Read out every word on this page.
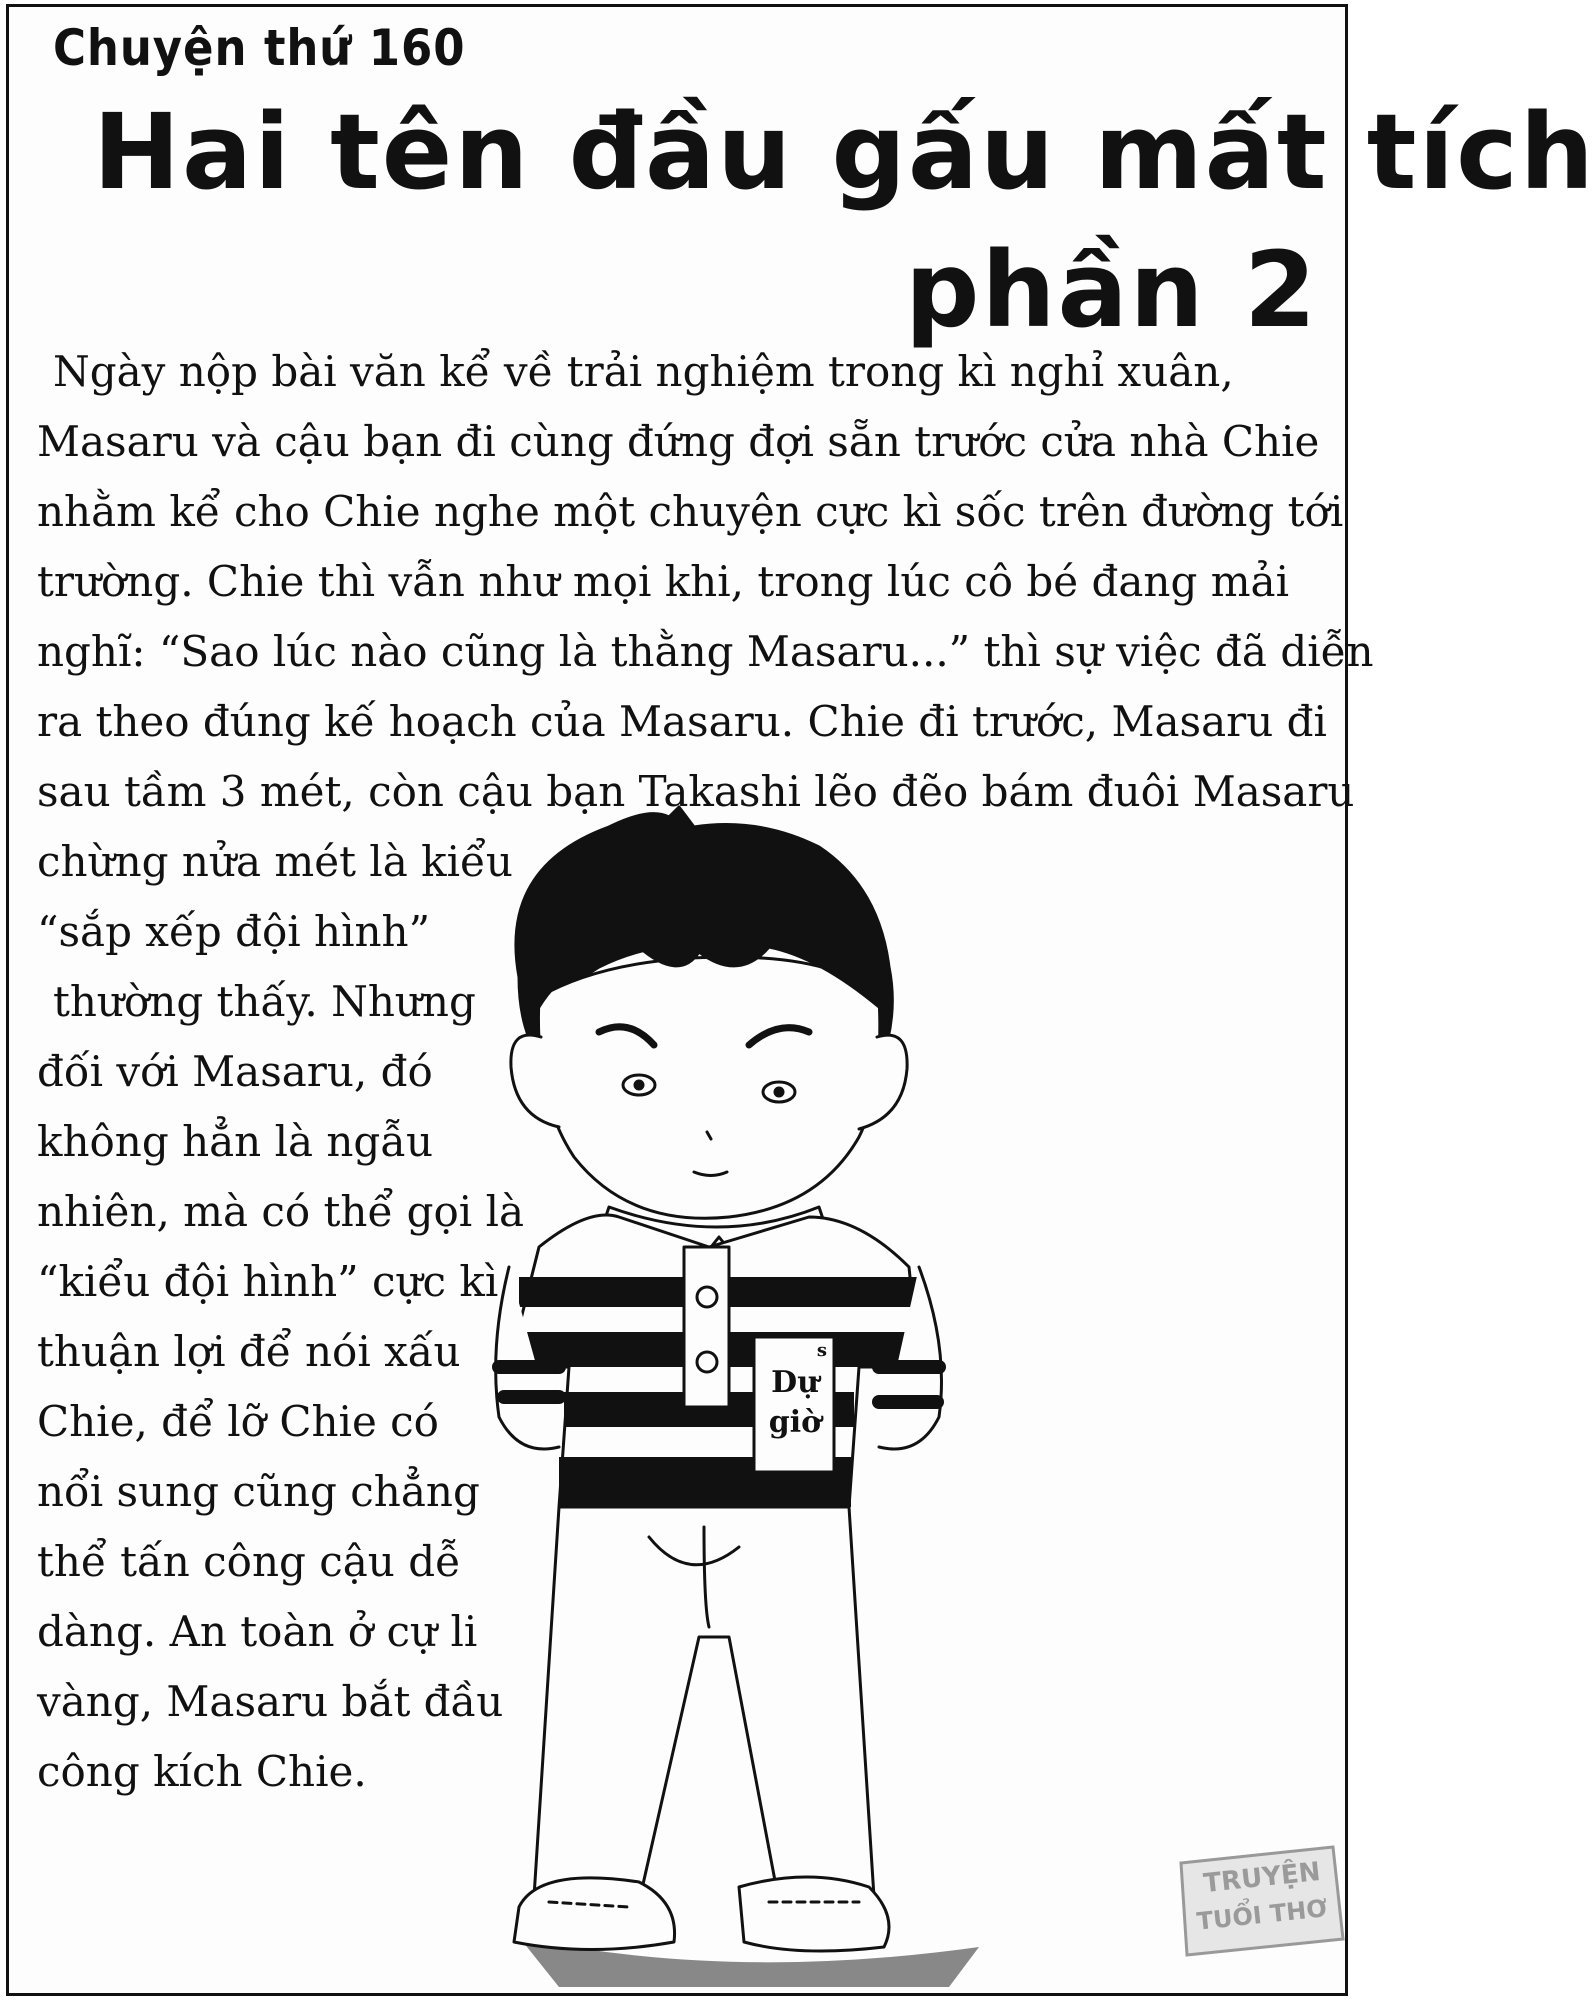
Chuyện thứ 160
Hai tên đầu gấu mất tích
phần 2
Ngày nộp bài văn kể về trải nghiệm trong kì nghỉ xuân,
Masaru và cậu bạn đi cùng đứng đợi sẵn trước cửa nhà Chie
nhằm kể cho Chie nghe một chuyện cực kì sốc trên đường tới
trường. Chie thì vẫn như mọi khi, trong lúc cô bé đang mải
nghĩ: “Sao lúc nào cũng là thằng Masaru...” thì sự việc đã diễn
ra theo đúng kế hoạch của Masaru. Chie đi trước, Masaru đi
sau tầm 3 mét, còn cậu bạn Takashi lẽo đẽo bám đuôi Masaru
chừng nửa mét là kiểu
“sắp xếp đội hình”
thường thấy. Nhưng
đối với Masaru, đó
không hẳn là ngẫu
nhiên, mà có thể gọi là
“kiểu đội hình” cực kì
thuận lợi để nói xấu
Chie, để lỡ Chie có
nổi sung cũng chẳng
thể tấn công cậu dễ
dàng. An toàn ở cự li
vàng, Masaru bắt đầu
công kích Chie.
s
Dự
giờ
TRUYỆN
TUỔI THƠ
